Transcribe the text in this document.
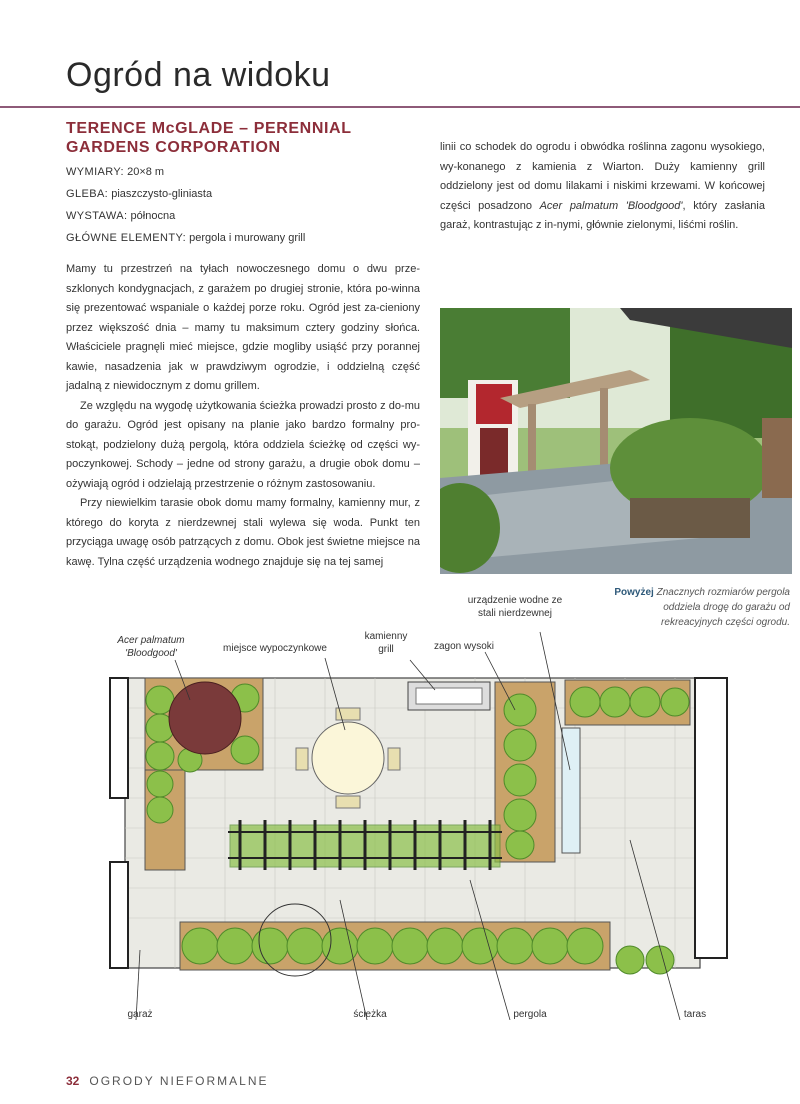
Ogród na widoku
TERENCE McGLADE – PERENNIAL GARDENS CORPORATION
WYMIARY: 20×8 m
GLEBA: piaszczysto-gliniasta
WYSTAWA: północna
GŁÓWNE ELEMENTY: pergola i murowany grill

Mamy tu przestrzeń na tyłach nowoczesnego domu o dwu prze-szklonych kondygnacjach, z garażem po drugiej stronie, która po-winna się prezentować wspaniale o każdej porze roku. Ogród jest za-cieniony przez większość dnia – mamy tu maksimum cztery godziny słońca. Właściciele pragnęli mieć miejsce, gdzie mogliby usiąść przy porannej kawie, nasadzenia jak w prawdziwym ogrodzie, i oddzielną część jadalną z niewidocznym z domu grillem.

Ze względu na wygodę użytkowania ścieżka prowadzi prosto z do-mu do garażu. Ogród jest opisany na planie jako bardzo formalny pro-stokąt, podzielony dużą pergolą, która oddziela ścieżkę od części wy-poczynkowej. Schody – jedne od strony garażu, a drugie obok domu – ożywiają ogród i odzielają przestrzenie o różnym zastosowaniu.

Przy niewielkim tarasie obok domu mamy formalny, kamienny mur, z którego do koryta z nierdzewnej stali wylewa się woda. Punkt ten przyciąga uwagę osób patrzących z domu. Obok jest świetne miejsce na kawę. Tylna część urządzenia wodnego znajduje się na tej samej

linii co schodek do ogrodu i obwódka roślinna zagonu wysokiego, wy-konanego z kamienia z Wiarton. Duży kamienny grill oddzielony jest od domu lilakami i niskimi krzewami. W końcowej części posadzono Acer palmatum 'Bloodgood', który zasłania garaż, kontrastując z in-nymi, głównie zielonymi, liśćmi roślin.

Powyżej Znacznych rozmiarów pergola oddziela drogę do garażu od rekreacyjnych części ogrodu.
Acer palmatum 'Bloodgood'	miejsce wypoczynkowe
kamienny grill	zagon wysoki
urządzenie wodne ze stali nierdzewnej
garaż	ścieżka	pergola	taras
32 OGRODY NIEFORMALNE
